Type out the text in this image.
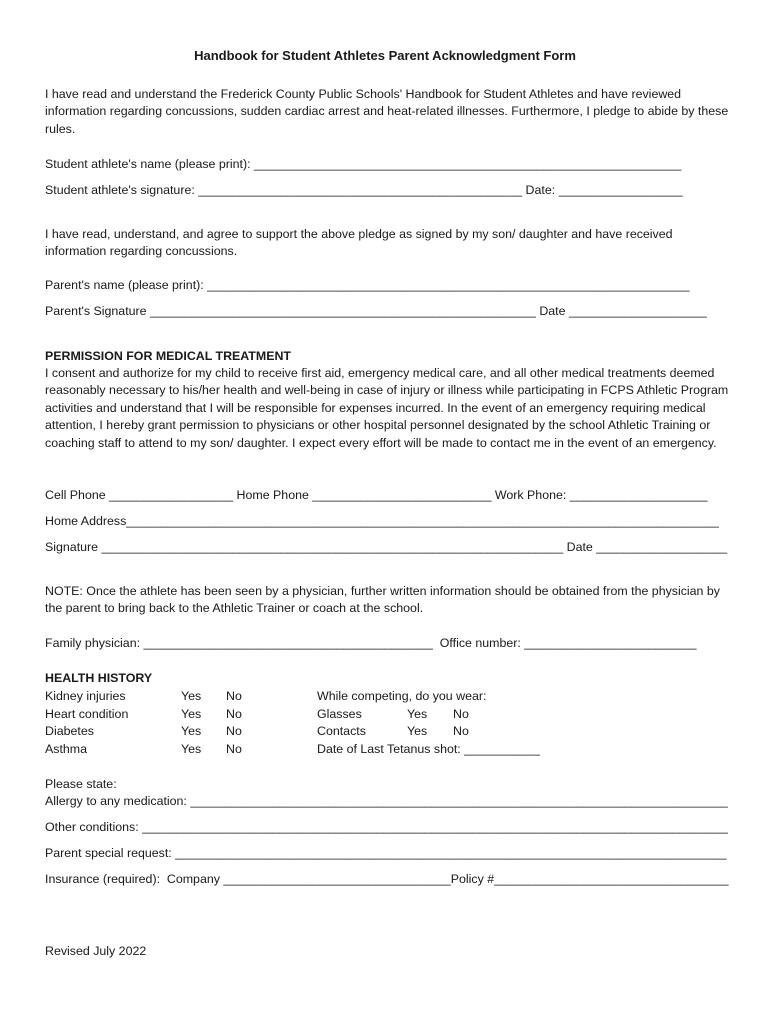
Handbook for Student Athletes Parent Acknowledgment Form

I have read and understand the Frederick County Public Schools' Handbook for Student Athletes and have reviewed information regarding concussions, sudden cardiac arrest and heat-related illnesses. Furthermore, I pledge to abide by these rules.

Student athlete's name (please print): ______________________________________________________________
Student athlete's signature: _______________________________________________ Date: __________________

I have read, understand, and agree to support the above pledge as signed by my son/ daughter and have received information regarding concussions.

Parent's name (please print): ______________________________________________________________________
Parent's Signature ________________________________________________________ Date ____________________
PERMISSION FOR MEDICAL TREATMENT

I consent and authorize for my child to receive first aid, emergency medical care, and all other medical treatments deemed reasonably necessary to his/her health and well-being in case of injury or illness while participating in FCPS Athletic Program activities and understand that I will be responsible for expenses incurred. In the event of an emergency requiring medical attention, I hereby grant permission to physicians or other hospital personnel designated by the school Athletic Training or coaching staff to attend to my son/ daughter. I expect every effort will be made to contact me in the event of an emergency.

Cell Phone __________________ Home Phone __________________________ Work Phone: ____________________
Home Address______________________________________________________________________________________
Signature ___________________________________________________________________ Date ___________________

NOTE: Once the athlete has been seen by a physician, further written information should be obtained from the physician by the parent to bring back to the Athletic Trainer or coach at the school.

Family physician: __________________________________________  Office number: _________________________
HEALTH HISTORY
Kidney injuries	Yes No
Heart condition	Yes No
Diabetes	Yes No
Asthma	Yes No
While competing, do you wear:
Glasses	Yes No
Contacts	Yes No
Date of Last Tetanus shot: ___________
Please state:
Allergy to any medication: ______________________________________________________________________________
Other conditions: _____________________________________________________________________________________
Parent special request: ________________________________________________________________________________
Insurance (required):  Company _________________________________Policy #__________________________________
Revised July 2022
